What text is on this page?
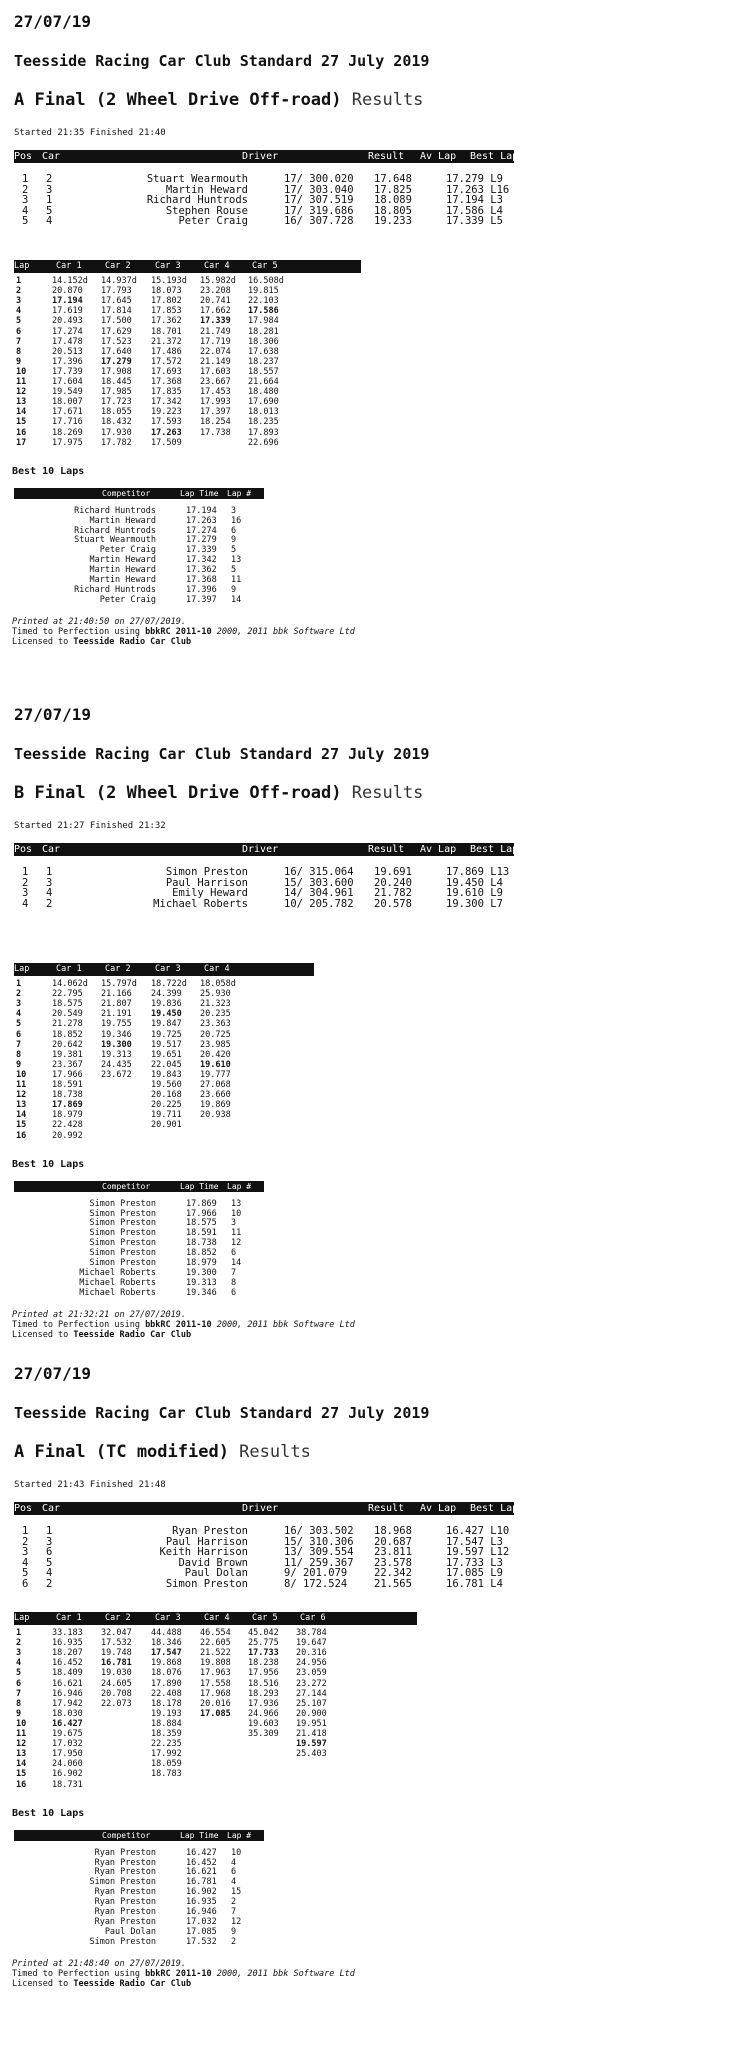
27/07/19
Teesside Racing Car Club Standard 27 July 2019
A Final (2 Wheel Drive Off-road) Results
Started 21:35 Finished 21:40
Pos Car	Driver	Result Av Lap Best Lap
1 2	Stuart Wearmouth	17/ 300.020 17.648	17.279 L9
2 3	Martin Heward	17/ 303.040 17.825	17.263 L16
3 1	Richard Huntrods	17/ 307.519 18.089	17.194 L3
4 5	Stephen Rouse	17/ 319.686 18.805	17.586 L4
5 4	Peter Craig	16/ 307.728 19.233	17.339 L5
Lap	Car 1	Car 2	Car 3	Car 4	Car 5
1	14.152d 14.937d 15.193d 15.982d 16.508d
2	20.870 17.793 18.073 23.208 19.815
3	17.194 17.645 17.802 20.741 22.103
4	17.619 17.814 17.853 17.662 17.586
5	20.493 17.500 17.362 17.339 17.984
6	17.274 17.629 18.701 21.749 18.281
7	17.478 17.523 21.372 17.719 18.306
8	20.513 17.640 17.486 22.074 17.638
9	17.396 17.279 17.572 21.149 18.237
10	17.739 17.908 17.693 17.603 18.557
11	17.604 18.445 17.368 23.667 21.664
12	19.549 17.985 17.835 17.453 18.480
13	18.007 17.723 17.342 17.993 17.690
14	17.671 18.055 19.223 17.397 18.013
15	17.716 18.432 17.593 18.254 18.235
16	18.269 17.930 17.263 17.738 17.893
17	17.975 17.782 17.509	22.696
Best 10 Laps
Competitor	Lap Time Lap #
Richard Huntrods	17.194 3
Martin Heward	17.263 16
Richard Huntrods	17.274 6
Stuart Wearmouth	17.279 9
Peter Craig	17.339 5
Martin Heward	17.342 13
Martin Heward	17.362 5
Martin Heward	17.368 11
Richard Huntrods	17.396 9
Peter Craig	17.397 14
Printed at 21:40:50 on 27/07/2019.
Timed to Perfection using bbkRC 2011-10 2000, 2011 bbk Software Ltd
Licensed to Teesside Radio Car Club
27/07/19
Teesside Racing Car Club Standard 27 July 2019
B Final (2 Wheel Drive Off-road) Results
Started 21:27 Finished 21:32
Pos Car	Driver	Result Av Lap Best Lap
1 1	Simon Preston	16/ 315.064 19.691	17.869 L13
2 3	Paul Harrison	15/ 303.600 20.240	19.450 L4
3 4	Emily Heward	14/ 304.961 21.782	19.610 L9
4 2	Michael Roberts	10/ 205.782 20.578	19.300 L7
Lap	Car 1	Car 2	Car 3	Car 4
1	14.062d 15.797d 18.722d 18.058d
2	22.795 21.166 24.399 25.930
3	18.575 21.807 19.836 21.323
4	20.549 21.191 19.450 20.235
5	21.278 19.755 19.847 23.363
6	18.852 19.346 19.725 20.725
7	20.642 19.300 19.517 23.985
8	19.381 19.313 19.651 20.420
9	23.367 24.435 22.045 19.610
10	17.966 23.672 19.843 19.777
11	18.591	19.560 27.068
12	18.738	20.168 23.660
13	17.869	20.225 19.869
14	18.979	19.711 20.938
15	22.428	20.901
16	20.992
Best 10 Laps
Competitor	Lap Time Lap #
Simon Preston	17.869 13
Simon Preston	17.966 10
Simon Preston	18.575 3
Simon Preston	18.591 11
Simon Preston	18.738 12
Simon Preston	18.852 6
Simon Preston	18.979 14
Michael Roberts	19.300 7
Michael Roberts	19.313 8
Michael Roberts	19.346 6
Printed at 21:32:21 on 27/07/2019.
Timed to Perfection using bbkRC 2011-10 2000, 2011 bbk Software Ltd
Licensed to Teesside Radio Car Club
27/07/19
Teesside Racing Car Club Standard 27 July 2019
A Final (TC modified) Results
Started 21:43 Finished 21:48
Pos Car	Driver	Result Av Lap Best Lap
1 1	Ryan Preston	16/ 303.502 18.968	16.427 L10
2 3	Paul Harrison	15/ 310.306 20.687	17.547 L3
3 6	Keith Harrison	13/ 309.554 23.811	19.597 L12
4 5	David Brown	11/ 259.367 23.578	17.733 L3
5 4	Paul Dolan	9/ 201.079	22.342	17.085 L9
6 2	Simon Preston	8/ 172.524	21.565	16.781 L4
Lap	Car 1	Car 2	Car 3	Car 4	Car 5	Car 6
1	33.183 32.047 44.488 46.554 45.042 38.784
2	16.935 17.532 18.346 22.605 25.775 19.647
3	18.207 19.748 17.547 21.522 17.733 20.316
4	16.452 16.781 19.868 19.808 18.238 24.956
5	18.409 19.030 18.076 17.963 17.956 23.059
6	16.621 24.605 17.890 17.558 18.516 23.272
7	16.946 20.708 22.408 17.968 18.293 27.144
8	17.942 22.073 18.178 20.016 17.936 25.107
9	18.030	19.193 17.085 24.966 20.900
10	16.427	18.884	19.603 19.951
11	19.675	18.359	35.309 21.418
12	17.032	22.235	19.597
13	17.950	17.992	25.403
14	24.060	18.059
15	16.902	18.783
16	18.731
Best 10 Laps
Competitor	Lap Time Lap #
Ryan Preston	16.427 10
Ryan Preston	16.452 4
Ryan Preston	16.621 6
Simon Preston	16.781 4
Ryan Preston	16.902 15
Ryan Preston	16.935 2
Ryan Preston	16.946 7
Ryan Preston	17.032 12
Paul Dolan	17.085 9
Simon Preston	17.532 2
Printed at 21:48:40 on 27/07/2019.
Timed to Perfection using bbkRC 2011-10 2000, 2011 bbk Software Ltd
Licensed to Teesside Radio Car Club
